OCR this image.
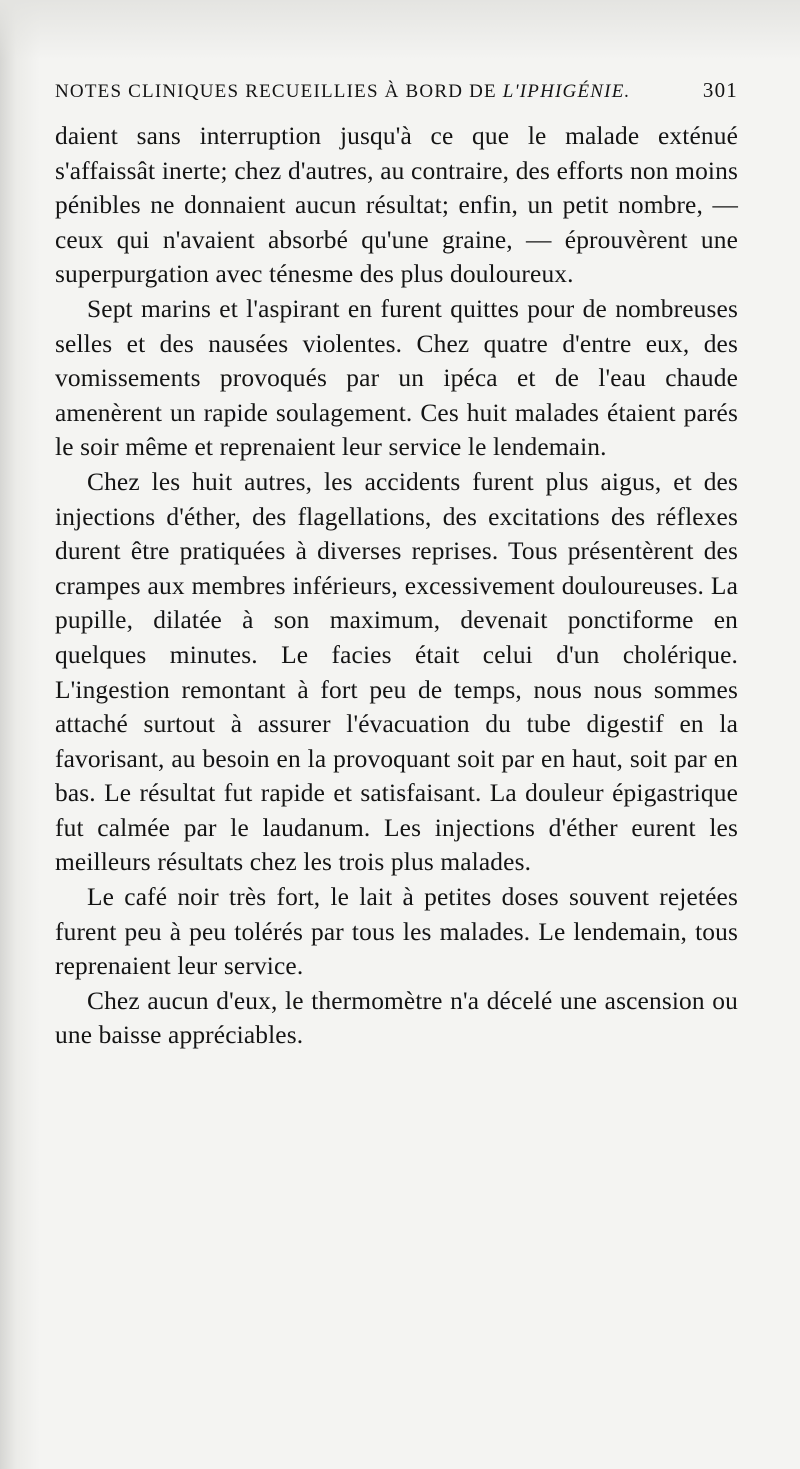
NOTES CLINIQUES RECUEILLIES À BORD DE L'IPHIGÉNIE.	301

daient sans interruption jusqu'à ce que le malade exténué s'affaissât inerte; chez d'autres, au contraire, des efforts non moins pénibles ne donnaient aucun résultat; enfin, un petit nombre, — ceux qui n'avaient absorbé qu'une graine, — éprouvèrent une superpurgation avec ténesme des plus douloureux.

Sept marins et l'aspirant en furent quittes pour de nombreuses selles et des nausées violentes. Chez quatre d'entre eux, des vomissements provoqués par un ipéca et de l'eau chaude amenèrent un rapide soulagement. Ces huit malades étaient parés le soir même et reprenaient leur service le lendemain.

Chez les huit autres, les accidents furent plus aigus, et des injections d'éther, des flagellations, des excitations des réflexes durent être pratiquées à diverses reprises. Tous présentèrent des crampes aux membres inférieurs, excessivement douloureuses. La pupille, dilatée à son maximum, devenait ponctiforme en quelques minutes. Le facies était celui d'un cholérique. L'ingestion remontant à fort peu de temps, nous nous sommes attaché surtout à assurer l'évacuation du tube digestif en la favorisant, au besoin en la provoquant soit par en haut, soit par en bas. Le résultat fut rapide et satisfaisant. La douleur épigastrique fut calmée par le laudanum. Les injections d'éther eurent les meilleurs résultats chez les trois plus malades.

Le café noir très fort, le lait à petites doses souvent rejetées furent peu à peu tolérés par tous les malades. Le lendemain, tous reprenaient leur service.

Chez aucun d'eux, le thermomètre n'a décelé une ascension ou une baisse appréciables.
